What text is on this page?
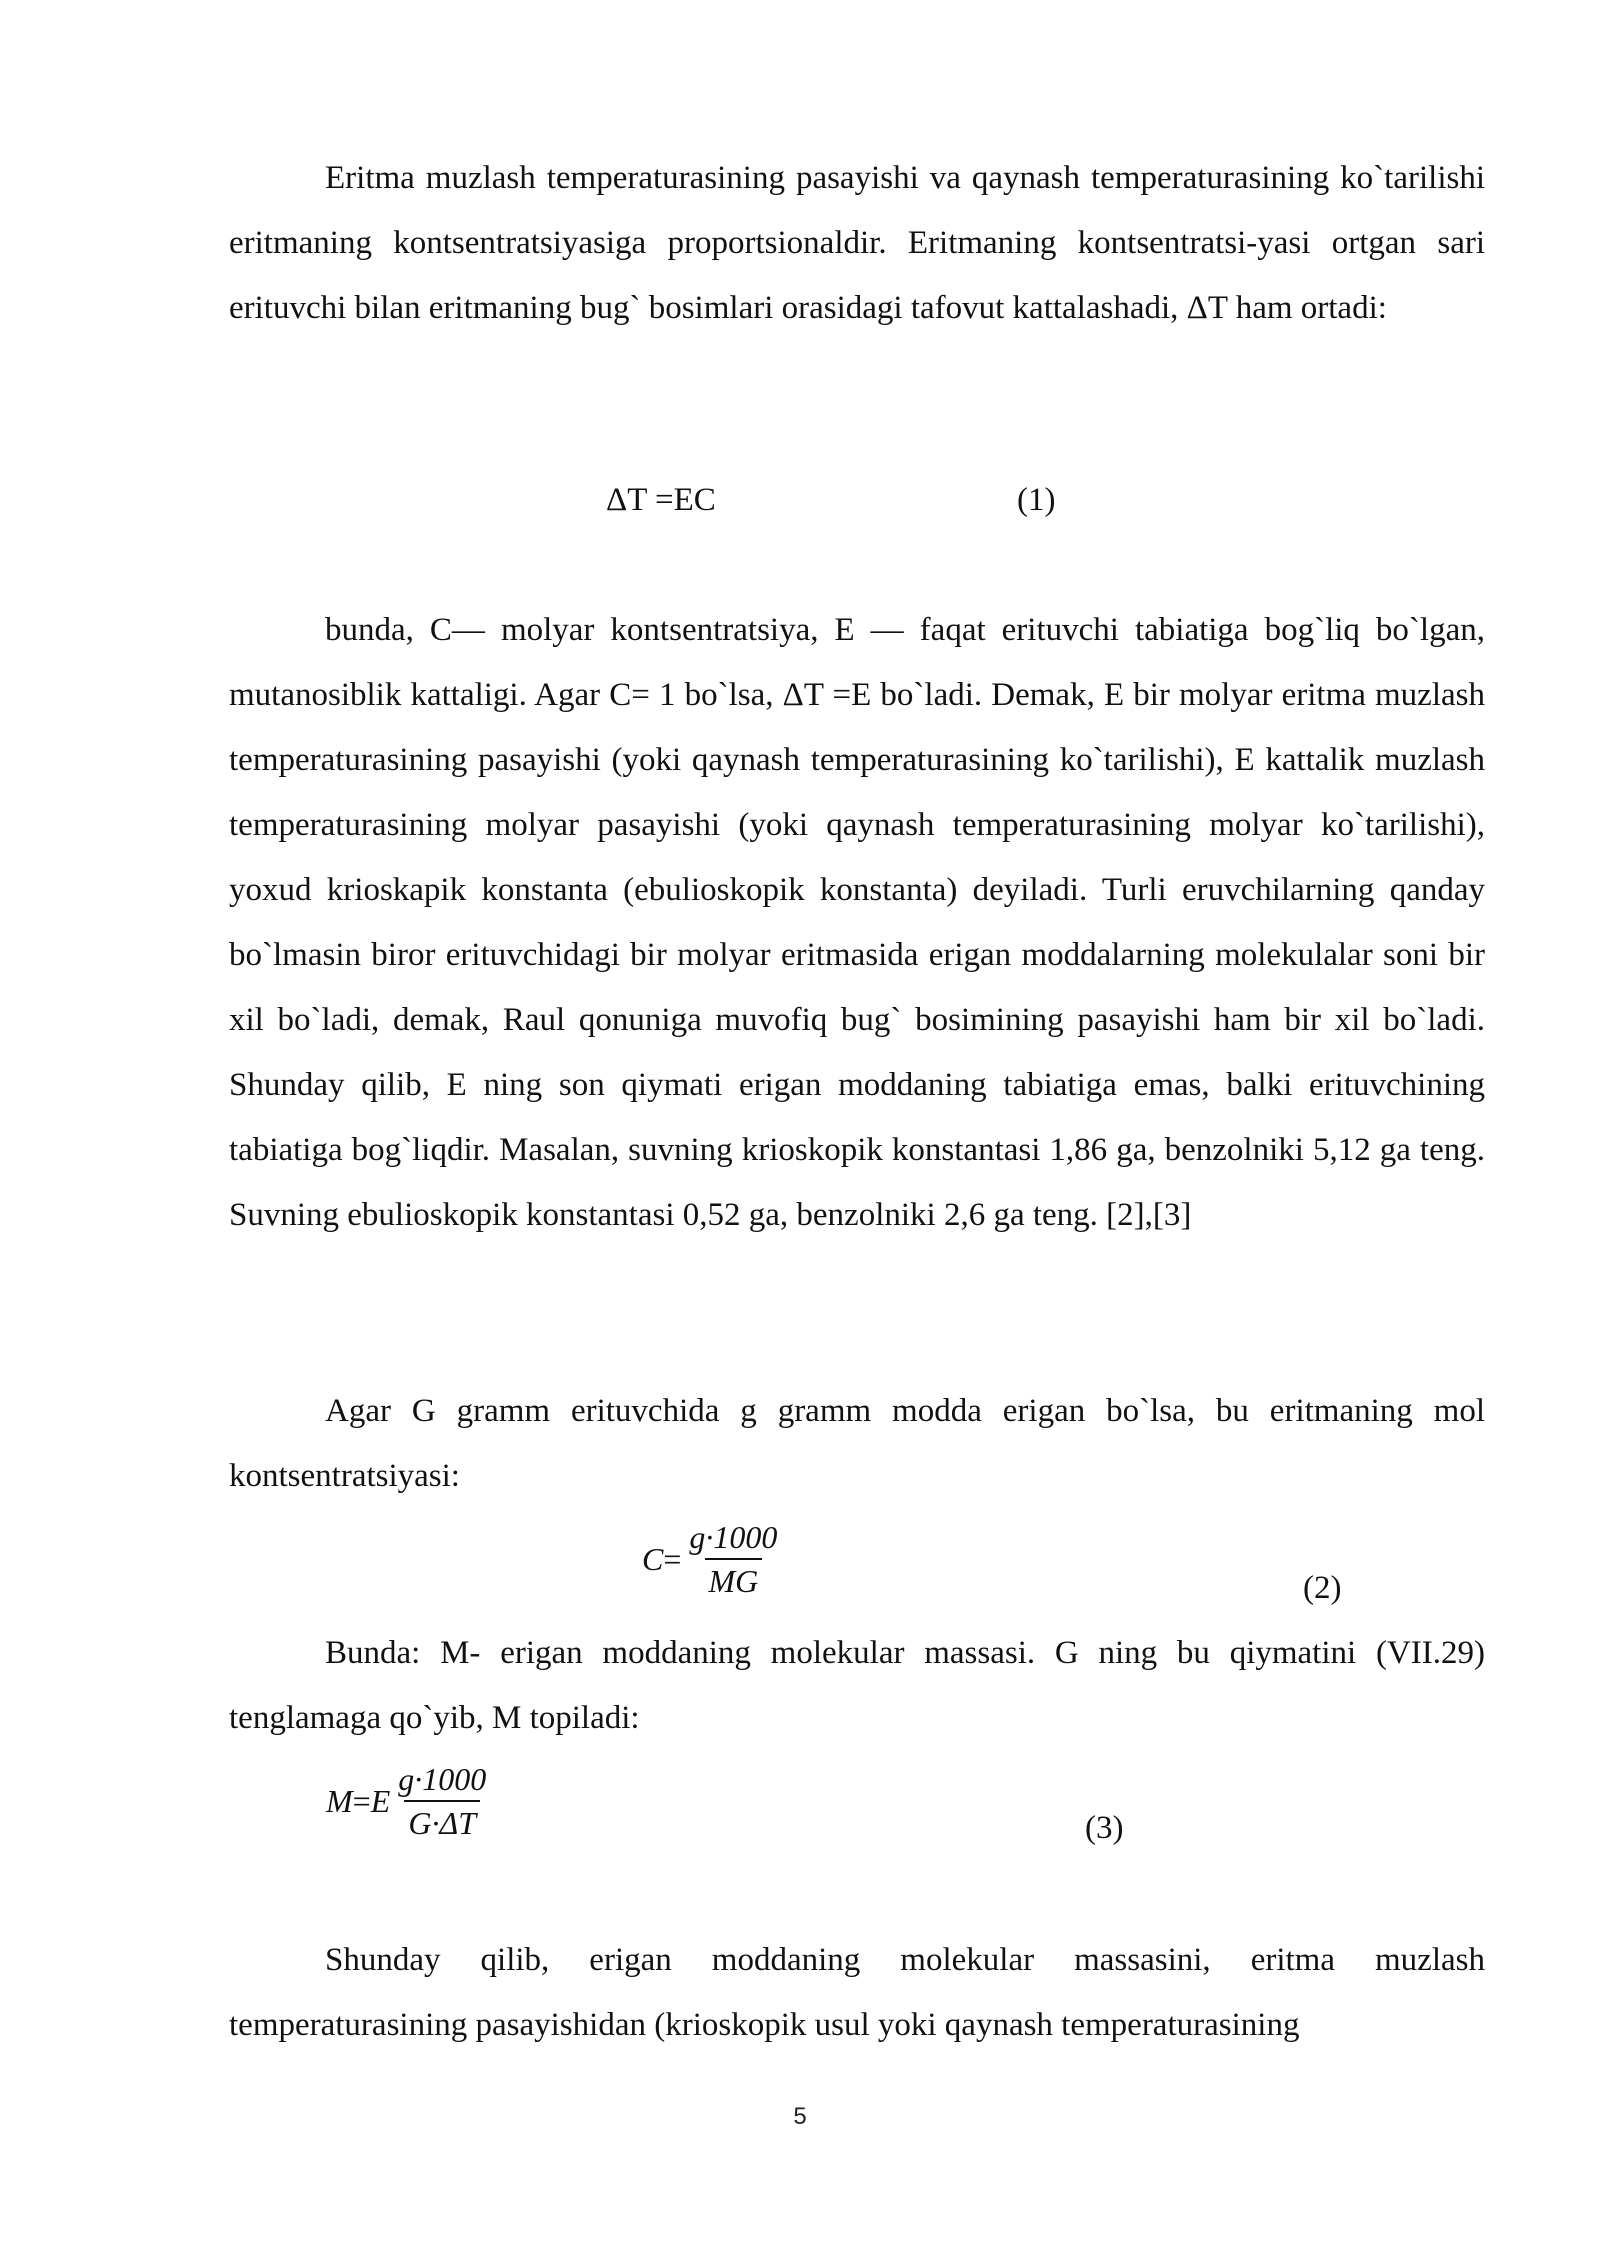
Eritma muzlash temperaturasining pasayishi va qaynash temperaturasining ko`tarilishi eritmaning kontsentratsiyasiga proportsionaldir. Eritmaning kontsentratsi-yasi ortgan sari erituvchi bilan eritmaning bug` bosimlari orasidagi tafovut kattalashadi, ΔT ham ortadi:

ΔT =EC	(1)

bunda, C— molyar kontsentratsiya, E — faqat erituvchi tabiatiga bog`liq bo`lgan, mutanosiblik kattaligi. Agar C= 1 bo`lsa, ΔT =E bo`ladi. Demak, E bir molyar eritma muzlash temperaturasining pasayishi (yoki qaynash temperaturasining ko`tarilishi), E kattalik muzlash temperaturasining molyar pasayishi (yoki qaynash temperaturasining molyar ko`tarilishi), yoxud krioskapik konstanta (ebulioskopik konstanta) deyiladi. Turli eruvchilarning qanday bo`lmasin biror erituvchidagi bir molyar eritmasida erigan moddalarning molekulalar soni bir xil bo`ladi, demak, Raul qonuniga muvofiq bug` bosimining pasayishi ham bir xil bo`ladi. Shunday qilib, E ning son qiymati erigan moddaning tabiatiga emas, balki erituvchining tabiatiga bog`liqdir. Masalan, suvning krioskopik konstantasi 1,86 ga, benzolniki 5,12 ga teng. Suvning ebulioskopik konstantasi 0,52 ga, benzolniki 2,6 ga teng. [2],[3]

Agar G gramm erituvchida g gramm modda erigan bo`lsa, bu eritmaning mol kontsentratsiyasi:

$C = \frac{g\cdot 1000}{MG}$	(2)

Bunda: M- erigan moddaning molekular massasi. G ning bu qiymatini (VII.29) tenglamaga qo`yib, M topiladi:

M = E $\frac{g\cdot 1000}{G\cdot\Delta T}$	(3)

Shunday qilib, erigan moddaning molekular massasini, eritma muzlash temperaturasining pasayishidan (krioskopik usul yoki qaynash temperaturasining

5
